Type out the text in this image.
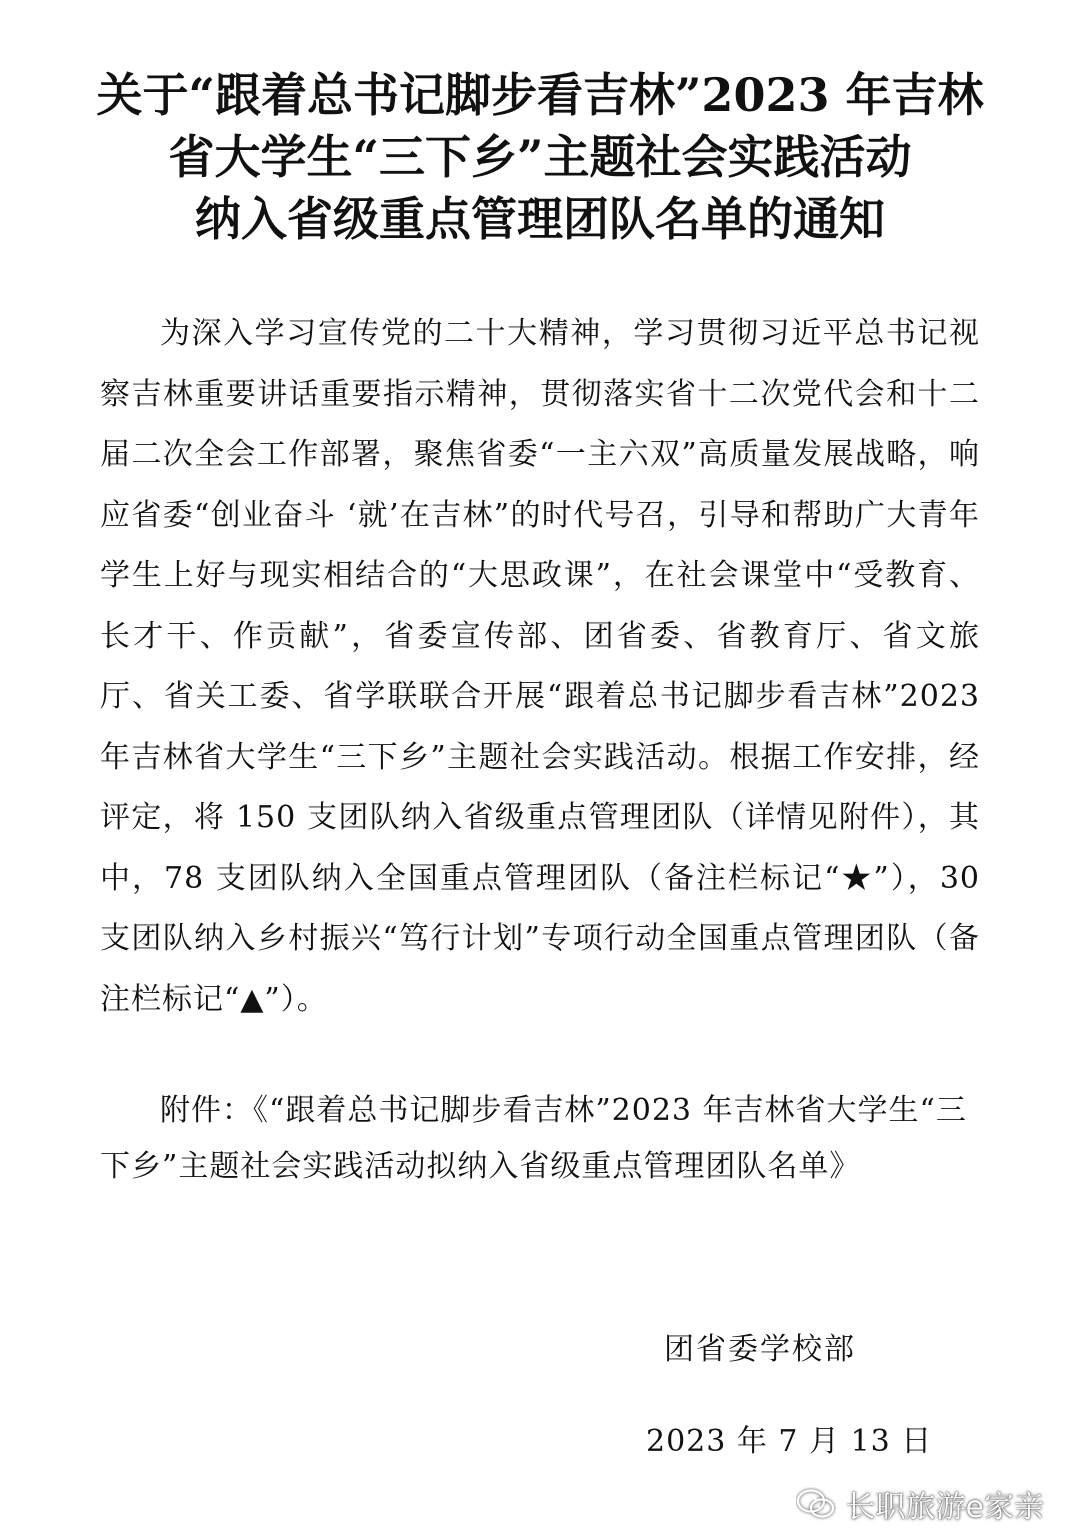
关于“跟着总书记脚步看吉林”2023 年吉林
省大学生“三下乡”主题社会实践活动
纳入省级重点管理团队名单的通知

为深入学习宣传党的二十大精神，学习贯彻习近平总书记视察吉林重要讲话重要指示精神，贯彻落实省十二次党代会和十二届二次全会工作部署，聚焦省委“一主六双”高质量发展战略，响应省委“创业奋斗 ‘就’在吉林”的时代号召，引导和帮助广大青年学生上好与现实相结合的“大思政课”，在社会课堂中“受教育、长才干、作贡献”，省委宣传部、团省委、省教育厅、省文旅厅、省关工委、省学联联合开展“跟着总书记脚步看吉林”2023 年吉林省大学生“三下乡”主题社会实践活动。根据工作安排，经评定，将 150 支团队纳入省级重点管理团队（详情见附件），其中，78 支团队纳入全国重点管理团队（备注栏标记“★”），30 支团队纳入乡村振兴“笃行计划”专项行动全国重点管理团队（备注栏标记“▲”）。

附件：《“跟着总书记脚步看吉林”2023 年吉林省大学生“三下乡”主题社会实践活动拟纳入省级重点管理团队名单》

团省委学校部
2023 年 7 月 13 日
长职旅游e家亲
